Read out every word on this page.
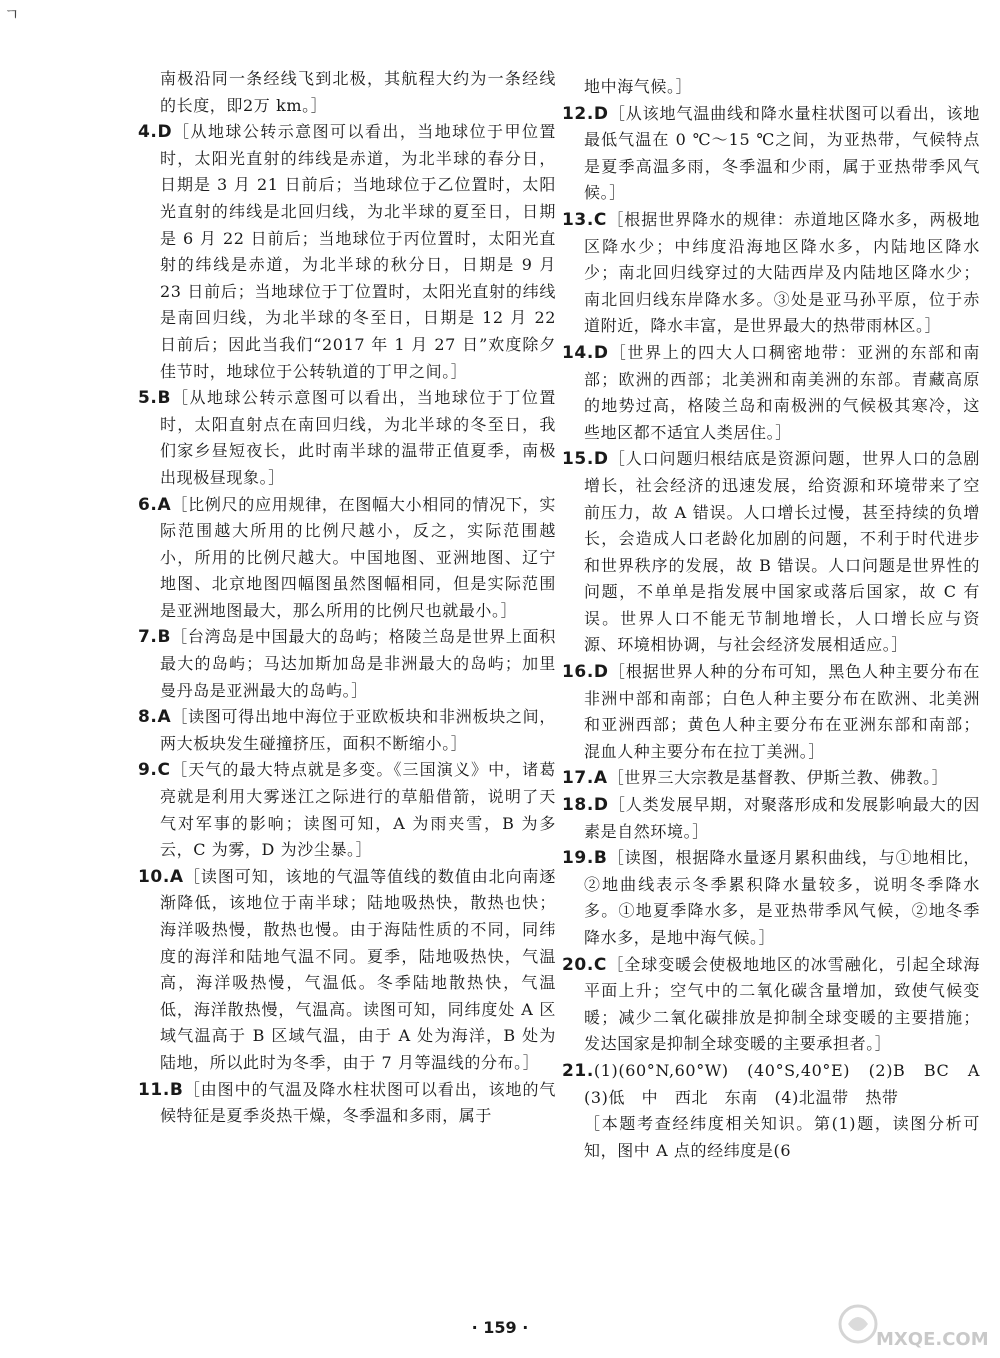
ㄱ

南极沿同一条经线飞到北极，其航程大约为一条经线的长度，即2万 km。］

4.D［从地球公转示意图可以看出，当地球位于甲位置时，太阳光直射的纬线是赤道，为北半球的春分日，日期是 3 月 21 日前后；当地球位于乙位置时，太阳光直射的纬线是北回归线，为北半球的夏至日，日期是 6 月 22 日前后；当地球位于丙位置时，太阳光直射的纬线是赤道，为北半球的秋分日，日期是 9 月 23 日前后；当地球位于丁位置时，太阳光直射的纬线是南回归线，为北半球的冬至日，日期是 12 月 22 日前后；因此当我们“2017 年 1 月 27 日”欢度除夕佳节时，地球位于公转轨道的丁甲之间。］

5.B［从地球公转示意图可以看出，当地球位于丁位置时，太阳直射点在南回归线，为北半球的冬至日，我们家乡昼短夜长，此时南半球的温带正值夏季，南极出现极昼现象。］

6.A［比例尺的应用规律，在图幅大小相同的情况下，实际范围越大所用的比例尺越小，反之，实际范围越小，所用的比例尺越大。中国地图、亚洲地图、辽宁地图、北京地图四幅图虽然图幅相同，但是实际范围是亚洲地图最大，那么所用的比例尺也就最小。］

7.B［台湾岛是中国最大的岛屿；格陵兰岛是世界上面积最大的岛屿；马达加斯加岛是非洲最大的岛屿；加里曼丹岛是亚洲最大的岛屿。］

8.A［读图可得出地中海位于亚欧板块和非洲板块之间，两大板块发生碰撞挤压，面积不断缩小。］

9.C［天气的最大特点就是多变。《三国演义》中，诸葛亮就是利用大雾迷江之际进行的草船借箭，说明了天气对军事的影响；读图可知，A 为雨夹雪，B 为多云，C 为雾，D 为沙尘暴。］

10.A［读图可知，该地的气温等值线的数值由北向南逐渐降低，该地位于南半球；陆地吸热快，散热也快；海洋吸热慢，散热也慢。由于海陆性质的不同，同纬度的海洋和陆地气温不同。夏季，陆地吸热快，气温高，海洋吸热慢，气温低。冬季陆地散热快，气温低，海洋散热慢，气温高。读图可知，同纬度处 A 区域气温高于 B 区域气温，由于 A 处为海洋，B 处为陆地，所以此时为冬季，由于 7 月等温线的分布。］

11.B［由图中的气温及降水柱状图可以看出，该地的气候特征是夏季炎热干燥，冬季温和多雨，属于

地中海气候。］

12.D［从该地气温曲线和降水量柱状图可以看出，该地最低气温在 0 ℃～15 ℃之间，为亚热带，气候特点是夏季高温多雨，冬季温和少雨，属于亚热带季风气候。］

13.C［根据世界降水的规律：赤道地区降水多，两极地区降水少；中纬度沿海地区降水多，内陆地区降水少；南北回归线穿过的大陆西岸及内陆地区降水少；南北回归线东岸降水多。③处是亚马孙平原，位于赤道附近，降水丰富，是世界最大的热带雨林区。］

14.D［世界上的四大人口稠密地带：亚洲的东部和南部；欧洲的西部；北美洲和南美洲的东部。青藏高原的地势过高，格陵兰岛和南极洲的气候极其寒冷，这些地区都不适宜人类居住。］

15.D［人口问题归根结底是资源问题，世界人口的急剧增长，社会经济的迅速发展，给资源和环境带来了空前压力，故 A 错误。人口增长过慢，甚至持续的负增长，会造成人口老龄化加剧的问题，不利于时代进步和世界秩序的发展，故 B 错误。人口问题是世界性的问题，不单单是指发展中国家或落后国家，故 C 有误。世界人口不能无节制地增长，人口增长应与资源、环境相协调，与社会经济发展相适应。］

16.D［根据世界人种的分布可知，黑色人种主要分布在非洲中部和南部；白色人种主要分布在欧洲、北美洲和亚洲西部；黄色人种主要分布在亚洲东部和南部；混血人种主要分布在拉丁美洲。］

17.A［世界三大宗教是基督教、伊斯兰教、佛教。］

18.D［人类发展早期，对聚落形成和发展影响最大的因素是自然环境。］

19.B［读图，根据降水量逐月累积曲线，与①地相比，②地曲线表示冬季累积降水量较多，说明冬季降水多。①地夏季降水多，是亚热带季风气候，②地冬季降水多，是地中海气候。］

20.C［全球变暖会使极地地区的冰雪融化，引起全球海平面上升；空气中的二氧化碳含量增加，致使气候变暖；减少二氧化碳排放是抑制全球变暖的主要措施；发达国家是抑制全球变暖的主要承担者。］

21.(1)(60°N,60°W)　(40°S,40°E)　(2)B　BC　A　(3)低　中　西北　东南　(4)北温带　热带

［本题考查经纬度相关知识。第(1)题，读图分析可知，图中 A 点的经纬度是(6

· 159 ·
MXQE.COM
